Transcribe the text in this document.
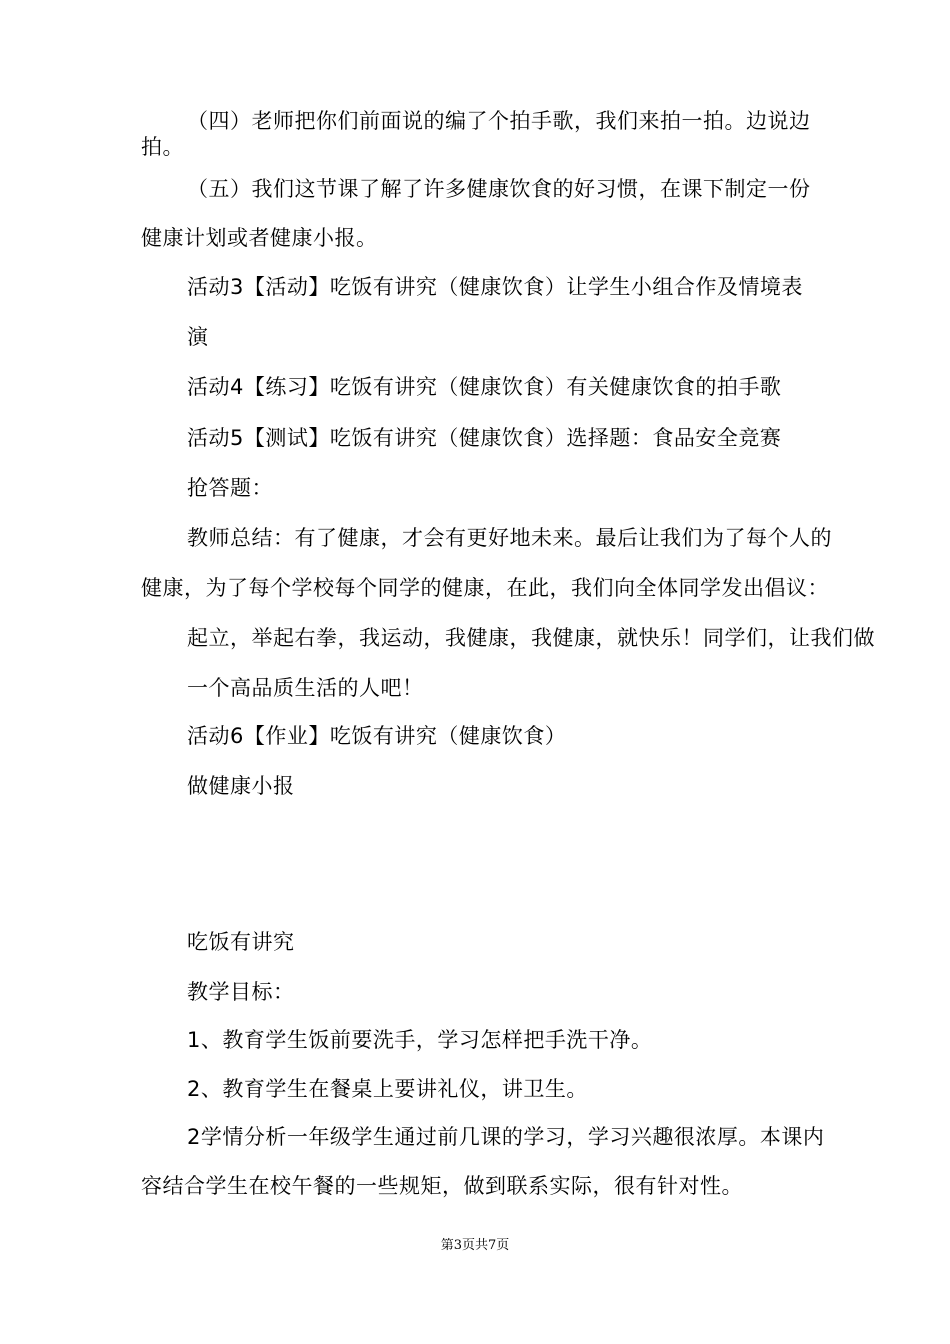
（四）老师把你们前面说的编了个拍手歌，我们来拍一拍。边说边
拍。
（五）我们这节课了解了许多健康饮食的好习惯，在课下制定一份
健康计划或者健康小报。
活动3【活动】吃饭有讲究（健康饮食）让学生小组合作及情境表
演
活动4【练习】吃饭有讲究（健康饮食）有关健康饮食的拍手歌
活动5【测试】吃饭有讲究（健康饮食）选择题：食品安全竞赛
抢答题：
教师总结：有了健康，才会有更好地未来。最后让我们为了每个人的
健康，为了每个学校每个同学的健康，在此，我们向全体同学发出倡议：
起立，举起右拳，我运动，我健康，我健康，就快乐！同学们，让我们做
一个高品质生活的人吧！
活动6【作业】吃饭有讲究（健康饮食）
做健康小报
吃饭有讲究
教学目标：
1、教育学生饭前要洗手，学习怎样把手洗干净。
2、教育学生在餐桌上要讲礼仪，讲卫生。
2学情分析一年级学生通过前几课的学习，学习兴趣很浓厚。本课内
容结合学生在校午餐的一些规矩，做到联系实际，很有针对性。
第3页共7页
